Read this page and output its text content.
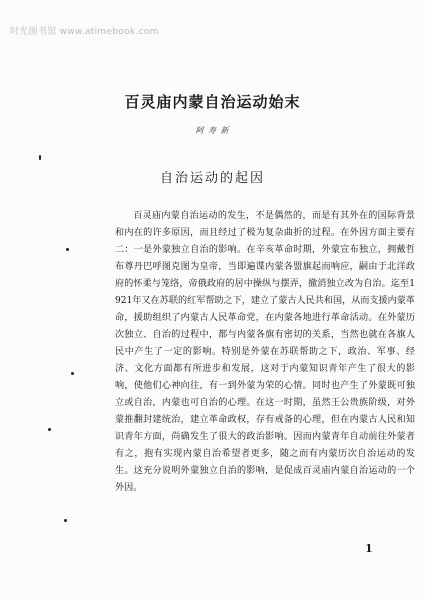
时光图书馆 www.atimebook.com
百灵庙内蒙自治运动始末
阿 寿 新
自治运动的起因

百灵庙内蒙自治运动的发生，不是偶然的，而是有其外在的国际背景和内在的许多原因，而且经过了极为复杂曲折的过程。在外因方面主要有二：一是外蒙独立自治的影响。在辛亥革命时期，外蒙宣布独立，拥戴哲布尊丹巴呼图克图为皇帝，当即遍谍内蒙各盟旗起而响应，嗣由于北洋政府的怀柔与笼络，帝俄政府的居中操纵与摆弄，撤消独立改为自治。迄至1921年又在苏联的红军帮助之下，建立了蒙古人民共和国，从而支援内蒙革命，援助组织了内蒙古人民革命党，在内蒙各地进行革命活动。在外蒙历次独立、自治的过程中，都与内蒙各旗有密切的关系，当然也就在各旗人民中产生了一定的影响。特别是外蒙在苏联帮助之下，政治、军事、经济、文化方面都有所进步和发展，这对于内蒙知识青年产生了很大的影响，使他们心神向往，有一到外蒙为荣的心情。同时也产生了外蒙既可独立或自治，内蒙也可自治的心理。在这一时期，虽然王公贵族阶级，对外蒙推翻封建统治，建立革命政权，存有戒备的心理，但在内蒙古人民和知识青年方面，尚确发生了很大的政治影响。因而内蒙青年自动前往外蒙者有之，抱有实现内蒙自治希望者更多，随之而有内蒙历次自治运动的发生。这充分说明外蒙独立自治的影响，是促成百灵庙内蒙自治运动的一个外因。

1
